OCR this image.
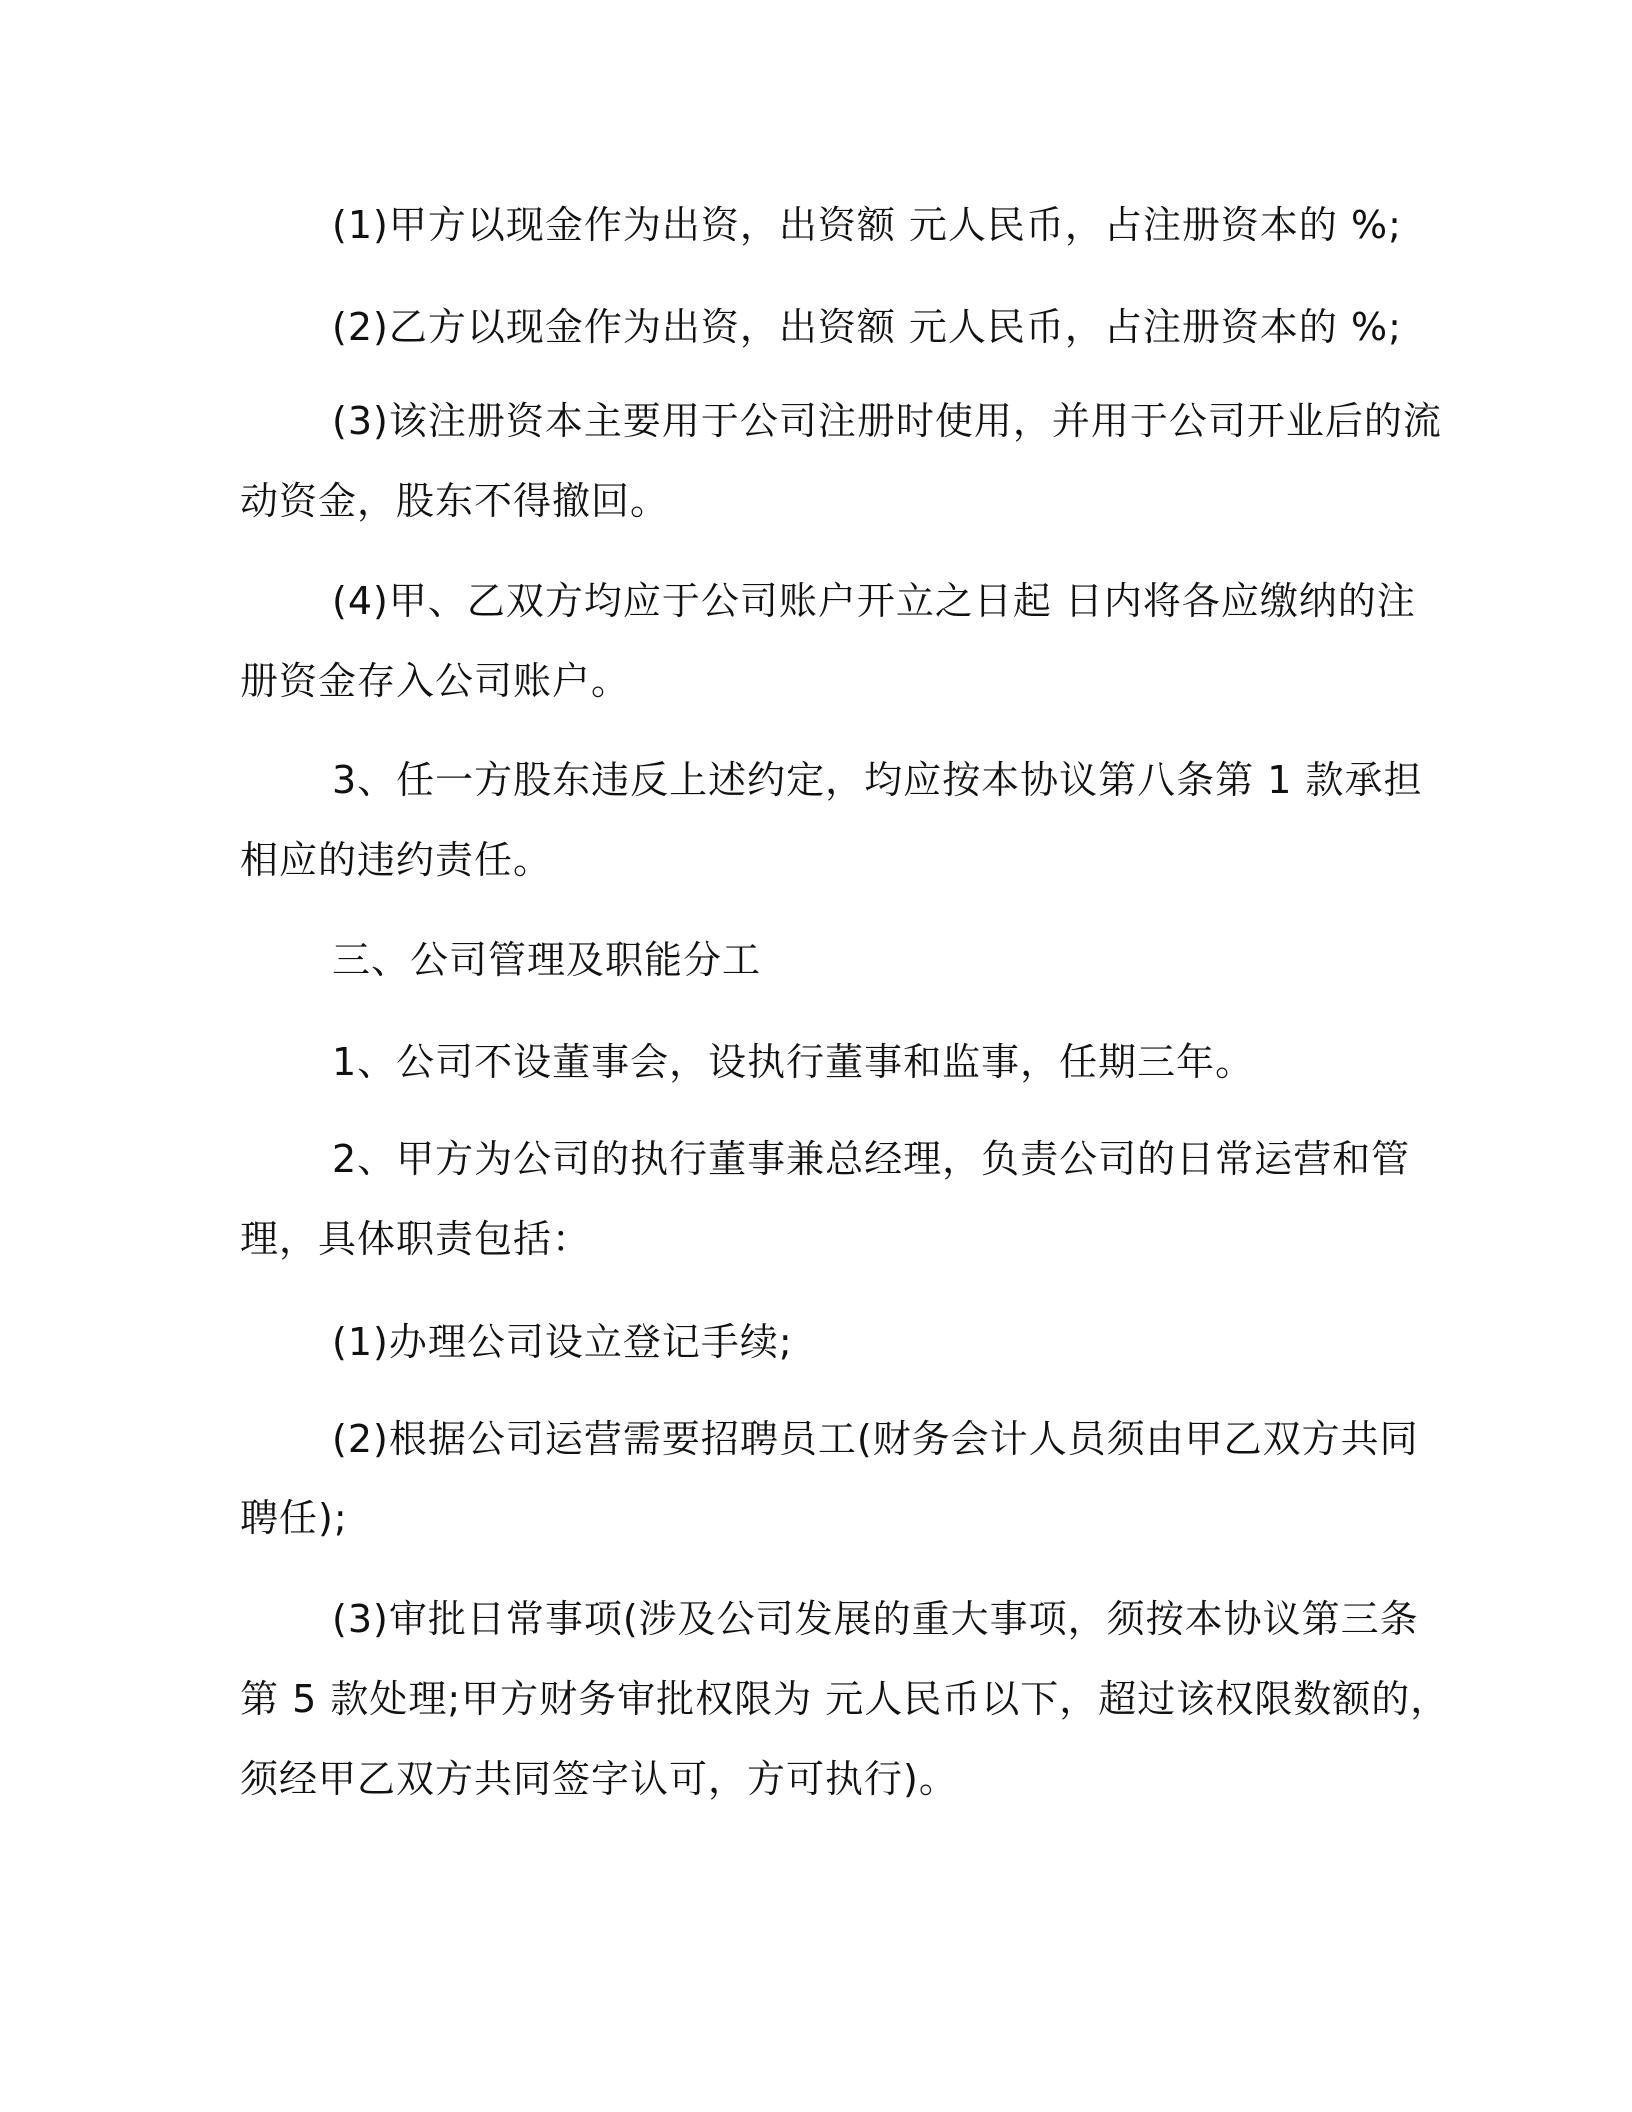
(1)甲方以现金作为出资，出资额 元人民币，占注册资本的 %;
(2)乙方以现金作为出资，出资额 元人民币，占注册资本的 %;
(3)该注册资本主要用于公司注册时使用，并用于公司开业后的流
动资金，股东不得撤回。
(4)甲、乙双方均应于公司账户开立之日起 日内将各应缴纳的注
册资金存入公司账户。
3、任一方股东违反上述约定，均应按本协议第八条第 1 款承担
相应的违约责任。
三、公司管理及职能分工
1、公司不设董事会，设执行董事和监事，任期三年。
2、甲方为公司的执行董事兼总经理，负责公司的日常运营和管
理，具体职责包括：
(1)办理公司设立登记手续;
(2)根据公司运营需要招聘员工(财务会计人员须由甲乙双方共同
聘任);
(3)审批日常事项(涉及公司发展的重大事项，须按本协议第三条
第 5 款处理;甲方财务审批权限为 元人民币以下，超过该权限数额的，
须经甲乙双方共同签字认可，方可执行)。
